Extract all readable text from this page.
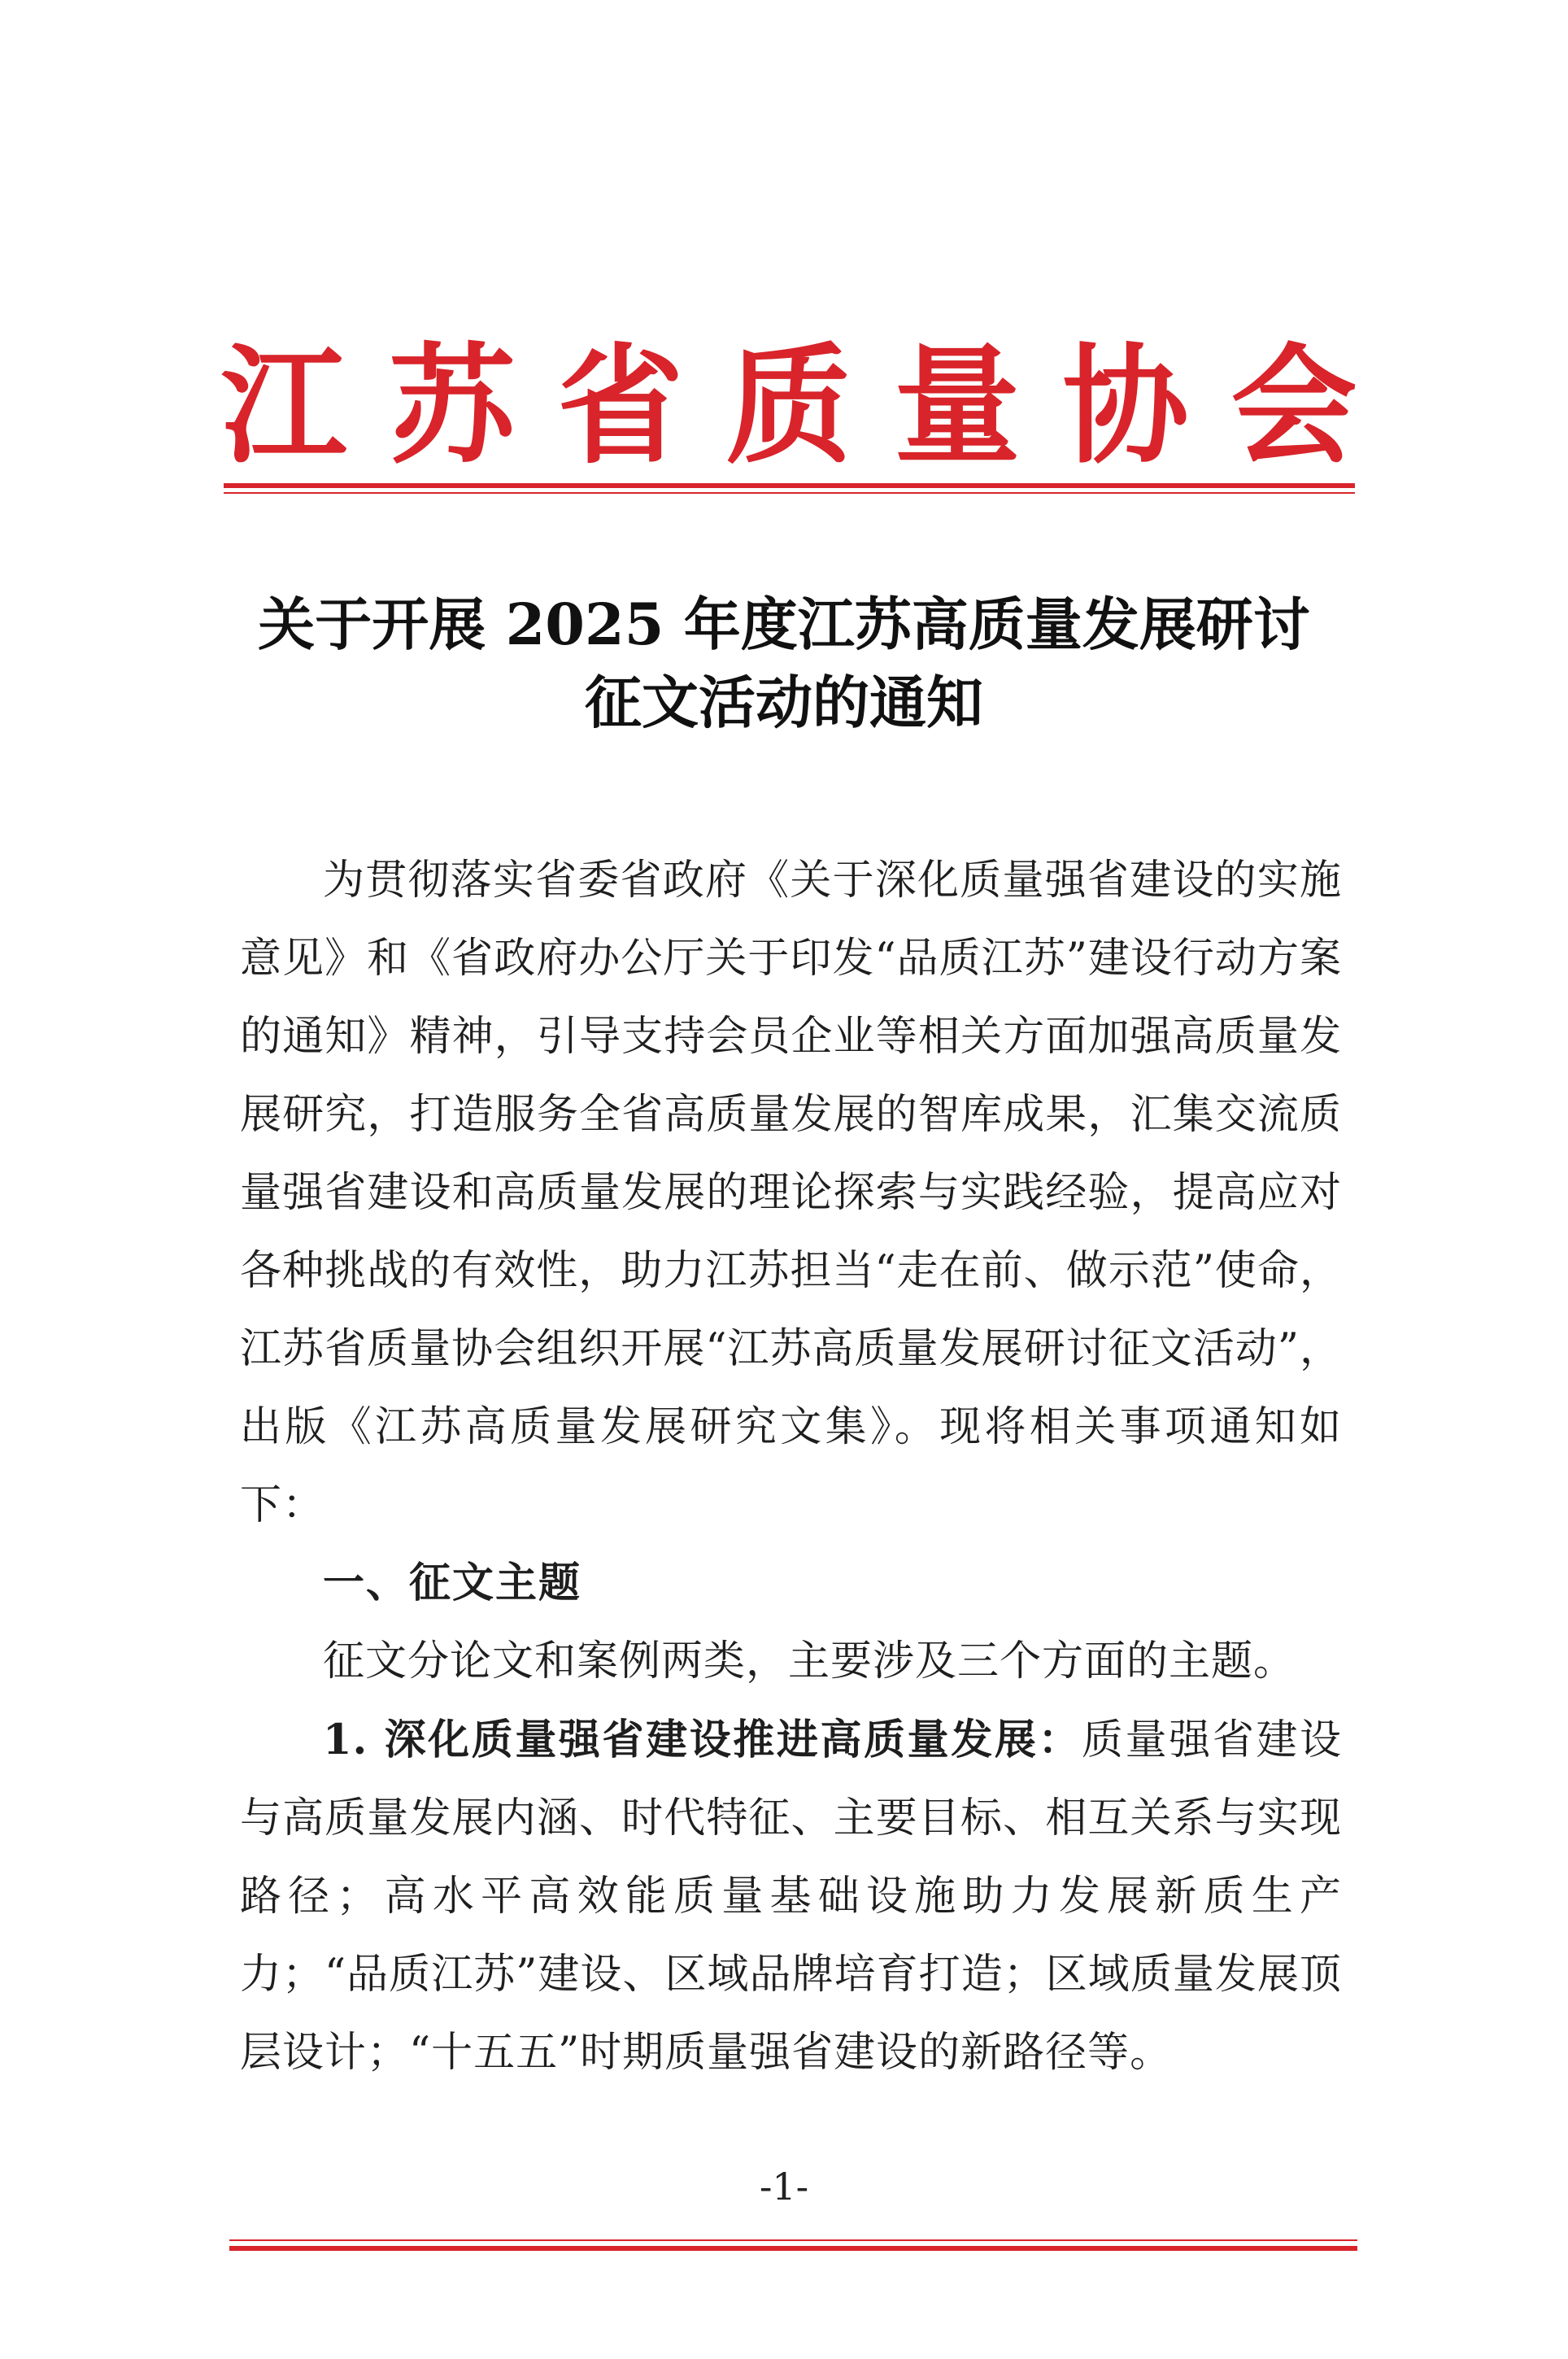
江 苏 省 质 量 协 会
关于开展 2025 年度江苏高质量发展研讨
征文活动的通知

为贯彻落实省委省政府《关于深化质量强省建设的实施意见》和《省政府办公厅关于印发“品质江苏”建设行动方案的通知》精神，引导支持会员企业等相关方面加强高质量发展研究，打造服务全省高质量发展的智库成果，汇集交流质量强省建设和高质量发展的理论探索与实践经验，提高应对各种挑战的有效性，助力江苏担当“走在前、做示范”使命，江苏省质量协会组织开展“江苏高质量发展研讨征文活动”，出版《江苏高质量发展研究文集》。现将相关事项通知如下：

一、征文主题

征文分论文和案例两类，主要涉及三个方面的主题。

1. 深化质量强省建设推进高质量发展：质量强省建设与高质量发展内涵、时代特征、主要目标、相互关系与实现路径；高水平高效能质量基础设施助力发展新质生产力；“品质江苏”建设、区域品牌培育打造；区域质量发展顶层设计；“十五五”时期质量强省建设的新路径等。

-1-
